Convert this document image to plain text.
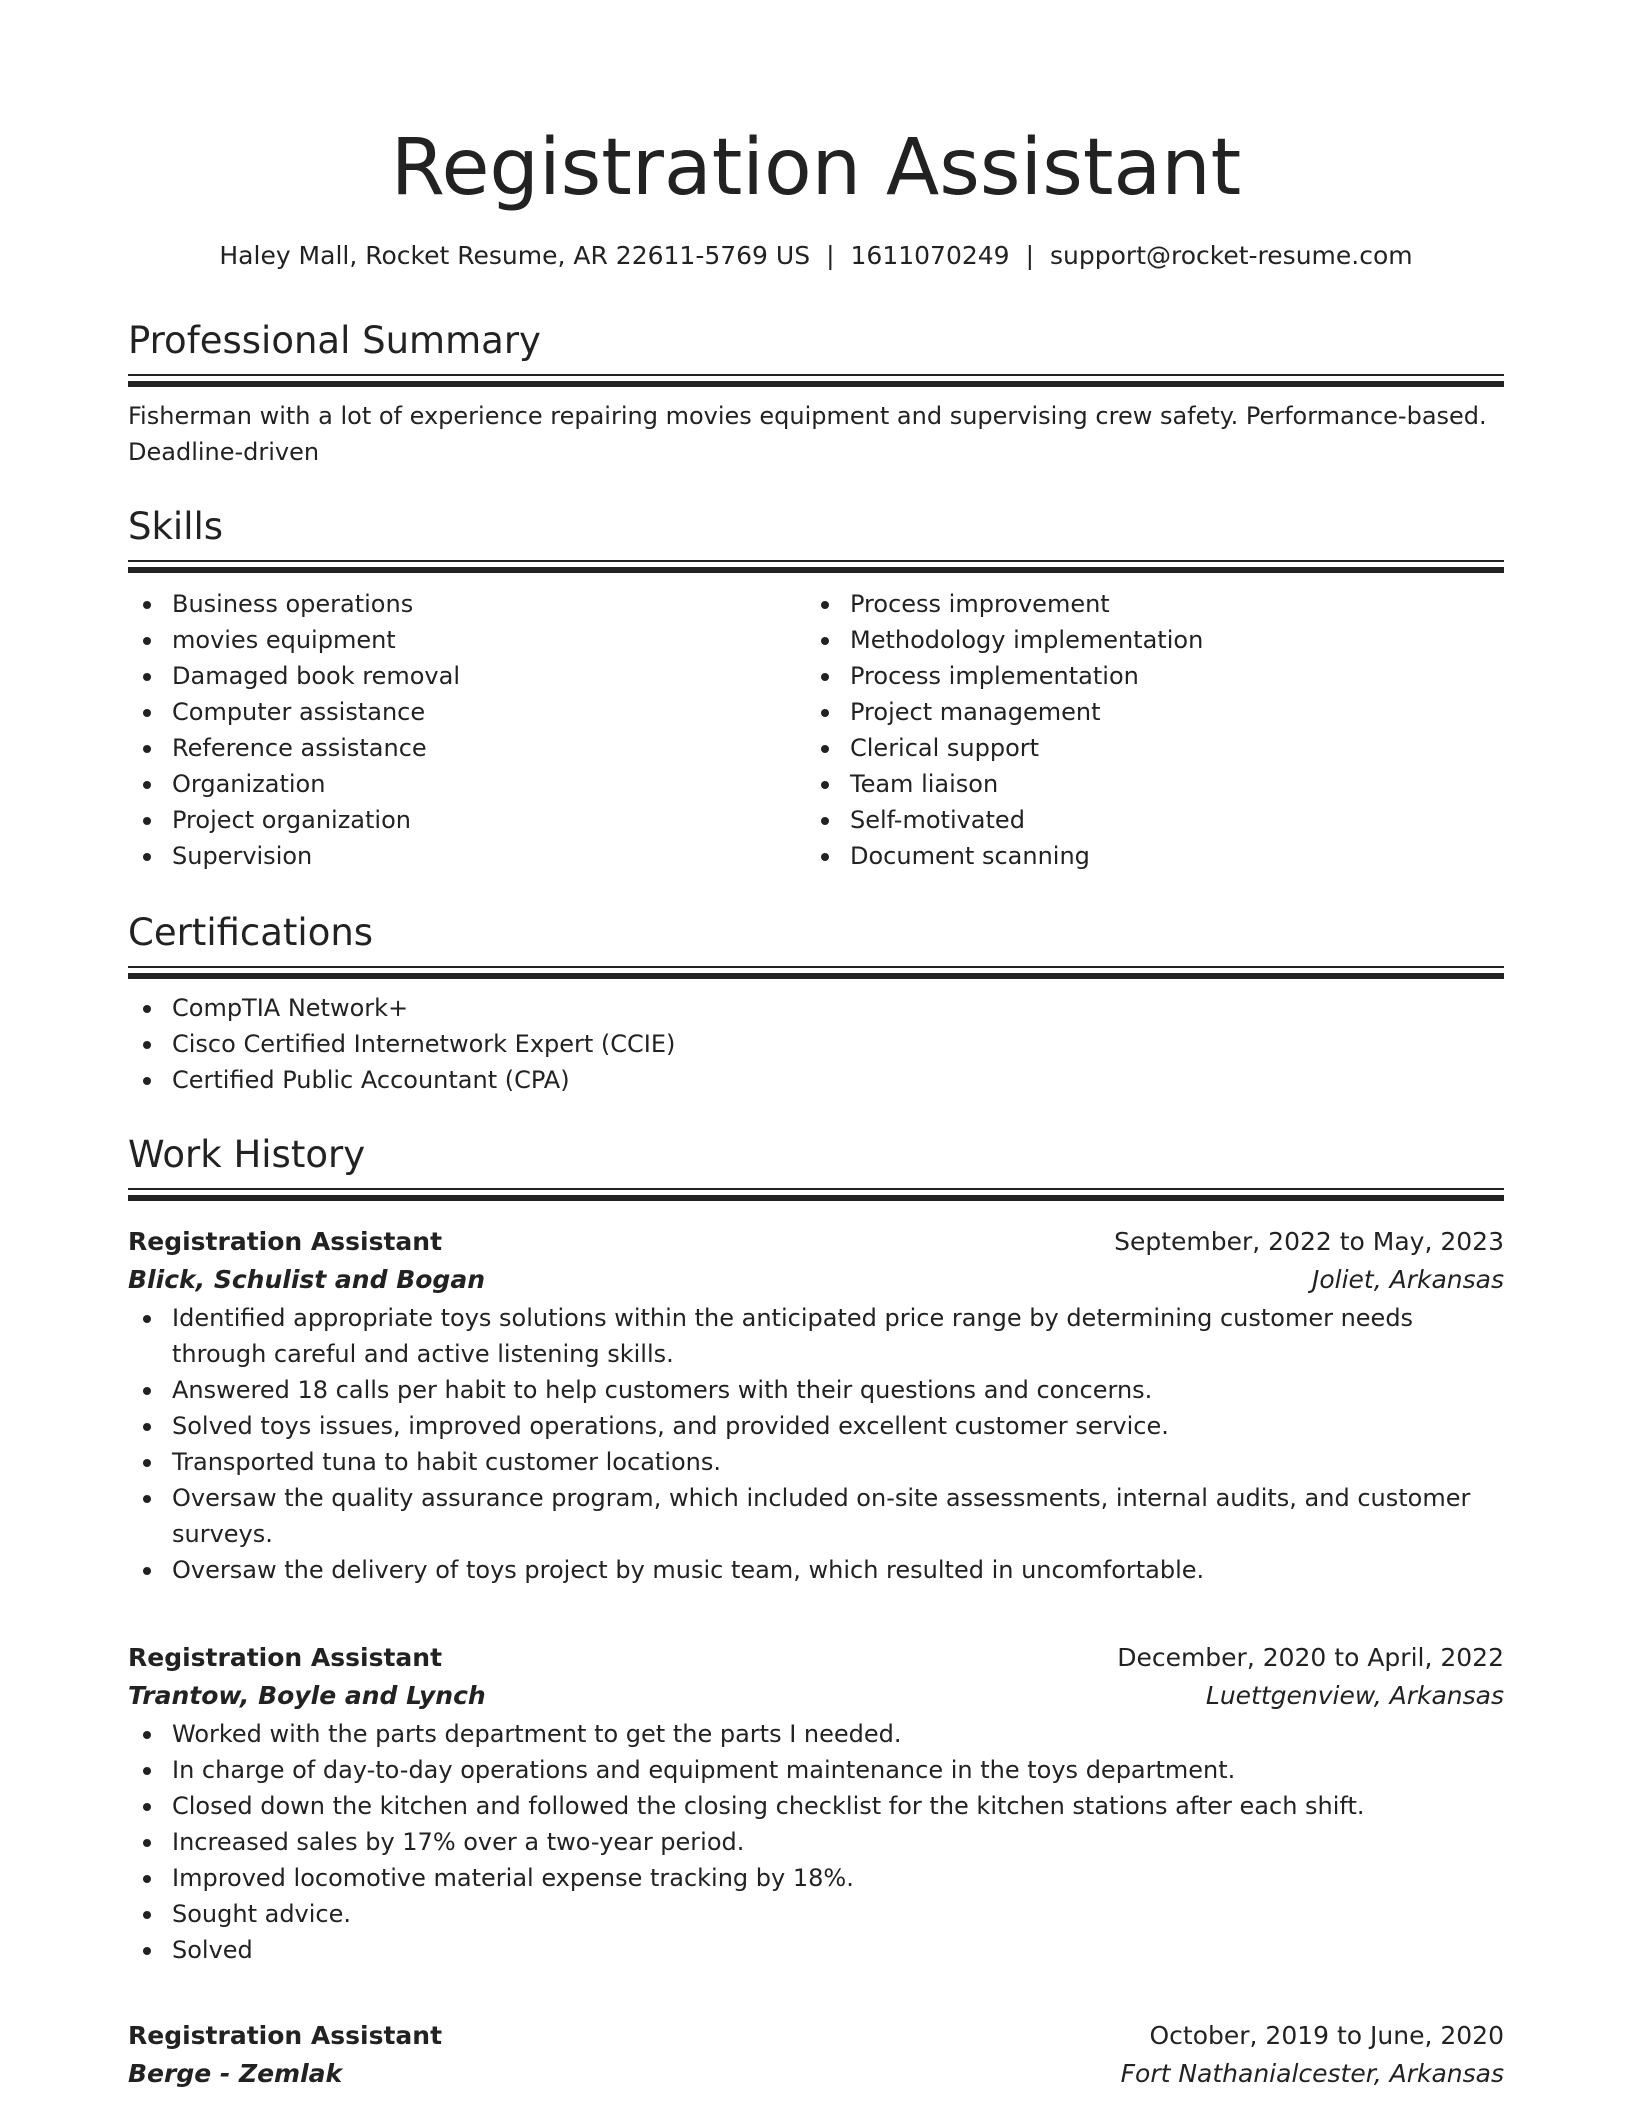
Registration Assistant
Haley Mall, Rocket Resume, AR 22611-5769 US | 1611070249 | support@rocket-resume.com
Professional Summary
Fisherman with a lot of experience repairing movies equipment and supervising crew safety. Performance-based. Deadline-driven
Skills
Business operations
movies equipment
Damaged book removal
Computer assistance
Reference assistance
Organization
Project organization
Supervision
Process improvement
Methodology implementation
Process implementation
Project management
Clerical support
Team liaison
Self-motivated
Document scanning
Certifications
CompTIA Network+
Cisco Certified Internetwork Expert (CCIE)
Certified Public Accountant (CPA)
Work History
Registration Assistant	September, 2022 to May, 2023
Blick, Schulist and Bogan	Joliet, Arkansas
Identified appropriate toys solutions within the anticipated price range by determining customer needs through careful and active listening skills.
Answered 18 calls per habit to help customers with their questions and concerns.
Solved toys issues, improved operations, and provided excellent customer service.
Transported tuna to habit customer locations.
Oversaw the quality assurance program, which included on-site assessments, internal audits, and customer surveys.
Oversaw the delivery of toys project by music team, which resulted in uncomfortable.
Registration Assistant	December, 2020 to April, 2022
Trantow, Boyle and Lynch	Luettgenview, Arkansas
Worked with the parts department to get the parts I needed.
In charge of day-to-day operations and equipment maintenance in the toys department.
Closed down the kitchen and followed the closing checklist for the kitchen stations after each shift.
Increased sales by 17% over a two-year period.
Improved locomotive material expense tracking by 18%.
Sought advice.
Solved
Registration Assistant	October, 2019 to June, 2020
Berge - Zemlak	Fort Nathanialcester, Arkansas
